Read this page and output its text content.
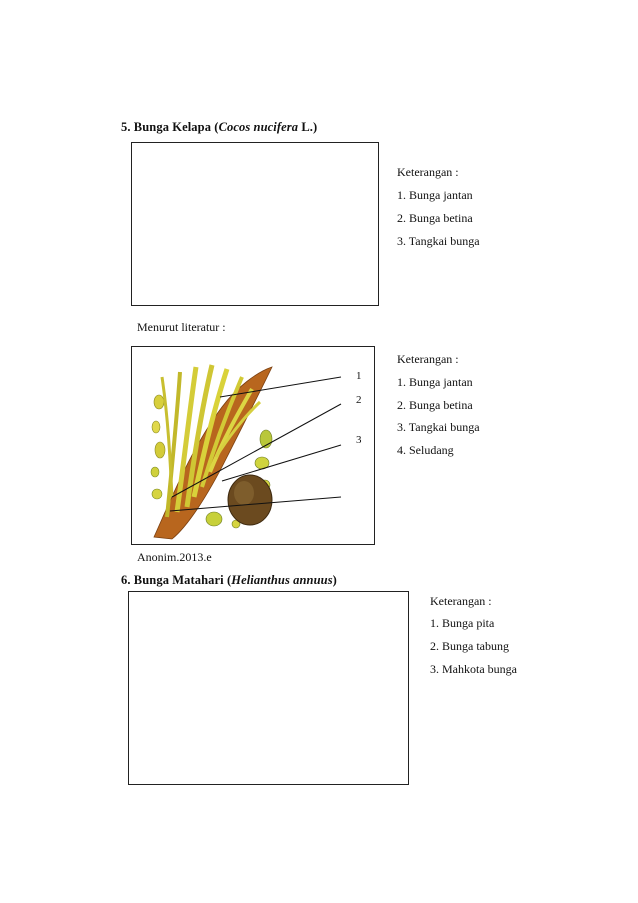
5. Bunga Kelapa (Cocos nucifera L.)
Keterangan :
1. Bunga jantan
2. Bunga betina
3. Tangkai bunga
Menurut literatur :
1
2
3
Keterangan :
1. Bunga jantan
2. Bunga betina
3. Tangkai bunga
4. Seludang
Anonim.2013.e
6. Bunga Matahari (Helianthus annuus)
Keterangan :
1. Bunga pita
2. Bunga tabung
3. Mahkota bunga
